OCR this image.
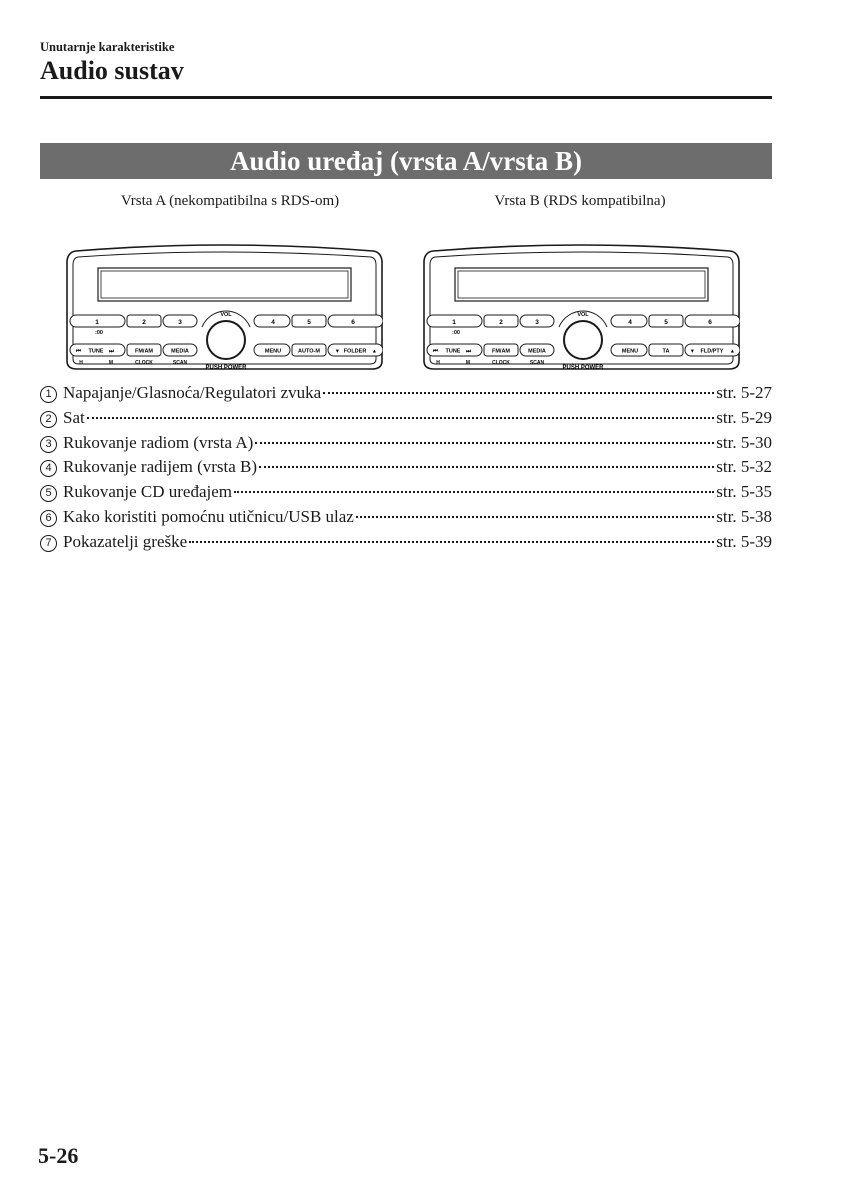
Unutarnje karakteristike
Audio sustav
Audio uređaj (vrsta A/vrsta B)
Vrsta A (nekompatibilna s RDS-om)	Vrsta B (RDS kompatibilna)
1	2	3
:00
4	5	6
VOL
PUSH POWER
⏮ TUNE ⏭	FM/AM	MEDIA
H	M	CLOCK	SCAN
MENU	AUTO-M	▾ FOLDER ▴
1	2	3
:00
4	5	6
VOL
PUSH POWER
⏮ TUNE ⏭	FM/AM	MEDIA
H	M	CLOCK	SCAN
MENU	TA	▾ FLD/PTY ▴
1 Napajanje/Glasnoća/Regulatori zvuka	str. 5-27
2 Sat	str. 5-29
3 Rukovanje radiom (vrsta A)	str. 5-30
4 Rukovanje radijem (vrsta B)	str. 5-32
5 Rukovanje CD uređajem	str. 5-35
6 Kako koristiti pomoćnu utičnicu/USB ulaz	str. 5-38
7 Pokazatelji greške	str. 5-39
5-26
